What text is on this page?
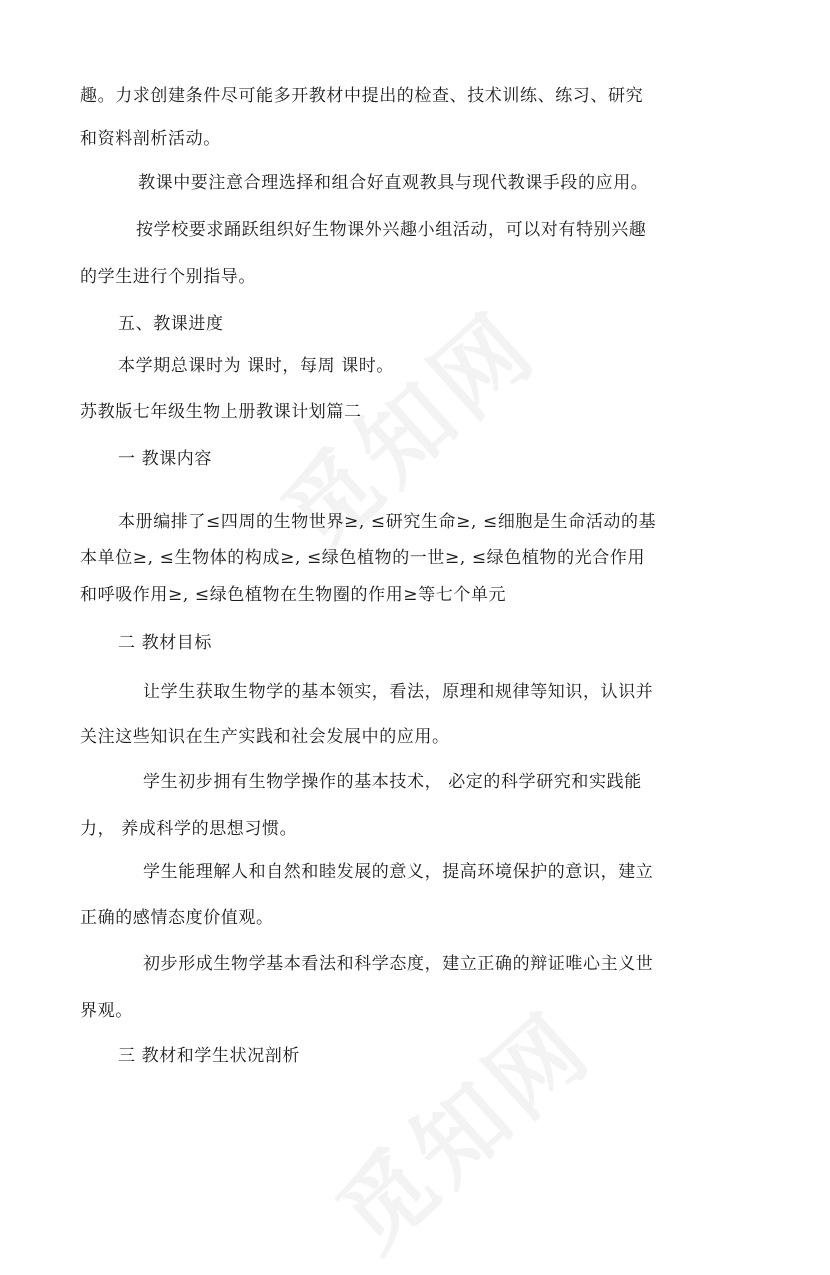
趣。力求创建条件尽可能多开教材中提出的检查、技术训练、练习、研究

和资料剖析活动。

教课中要注意合理选择和组合好直观教具与现代教课手段的应用。

按学校要求踊跃组织好生物课外兴趣小组活动，可以对有特别兴趣

的学生进行个别指导。

五、教课进度

本学期总课时为 课时，每周 课时。

苏教版七年级生物上册教课计划篇二

一 教课内容

本册编排了≤四周的生物世界≥, ≤研究生命≥, ≤细胞是生命活动的基

本单位≥, ≤生物体的构成≥, ≤绿色植物的一世≥, ≤绿色植物的光合作用

和呼吸作用≥, ≤绿色植物在生物圈的作用≥等七个单元

二 教材目标

让学生获取生物学的基本领实，看法，原理和规律等知识，认识并

关注这些知识在生产实践和社会发展中的应用。

学生初步拥有生物学操作的基本技术， 必定的科学研究和实践能

力， 养成科学的思想习惯。

学生能理解人和自然和睦发展的意义，提高环境保护的意识，建立

正确的感情态度价值观。

初步形成生物学基本看法和科学态度，建立正确的辩证唯心主义世

界观。

三 教材和学生状况剖析
